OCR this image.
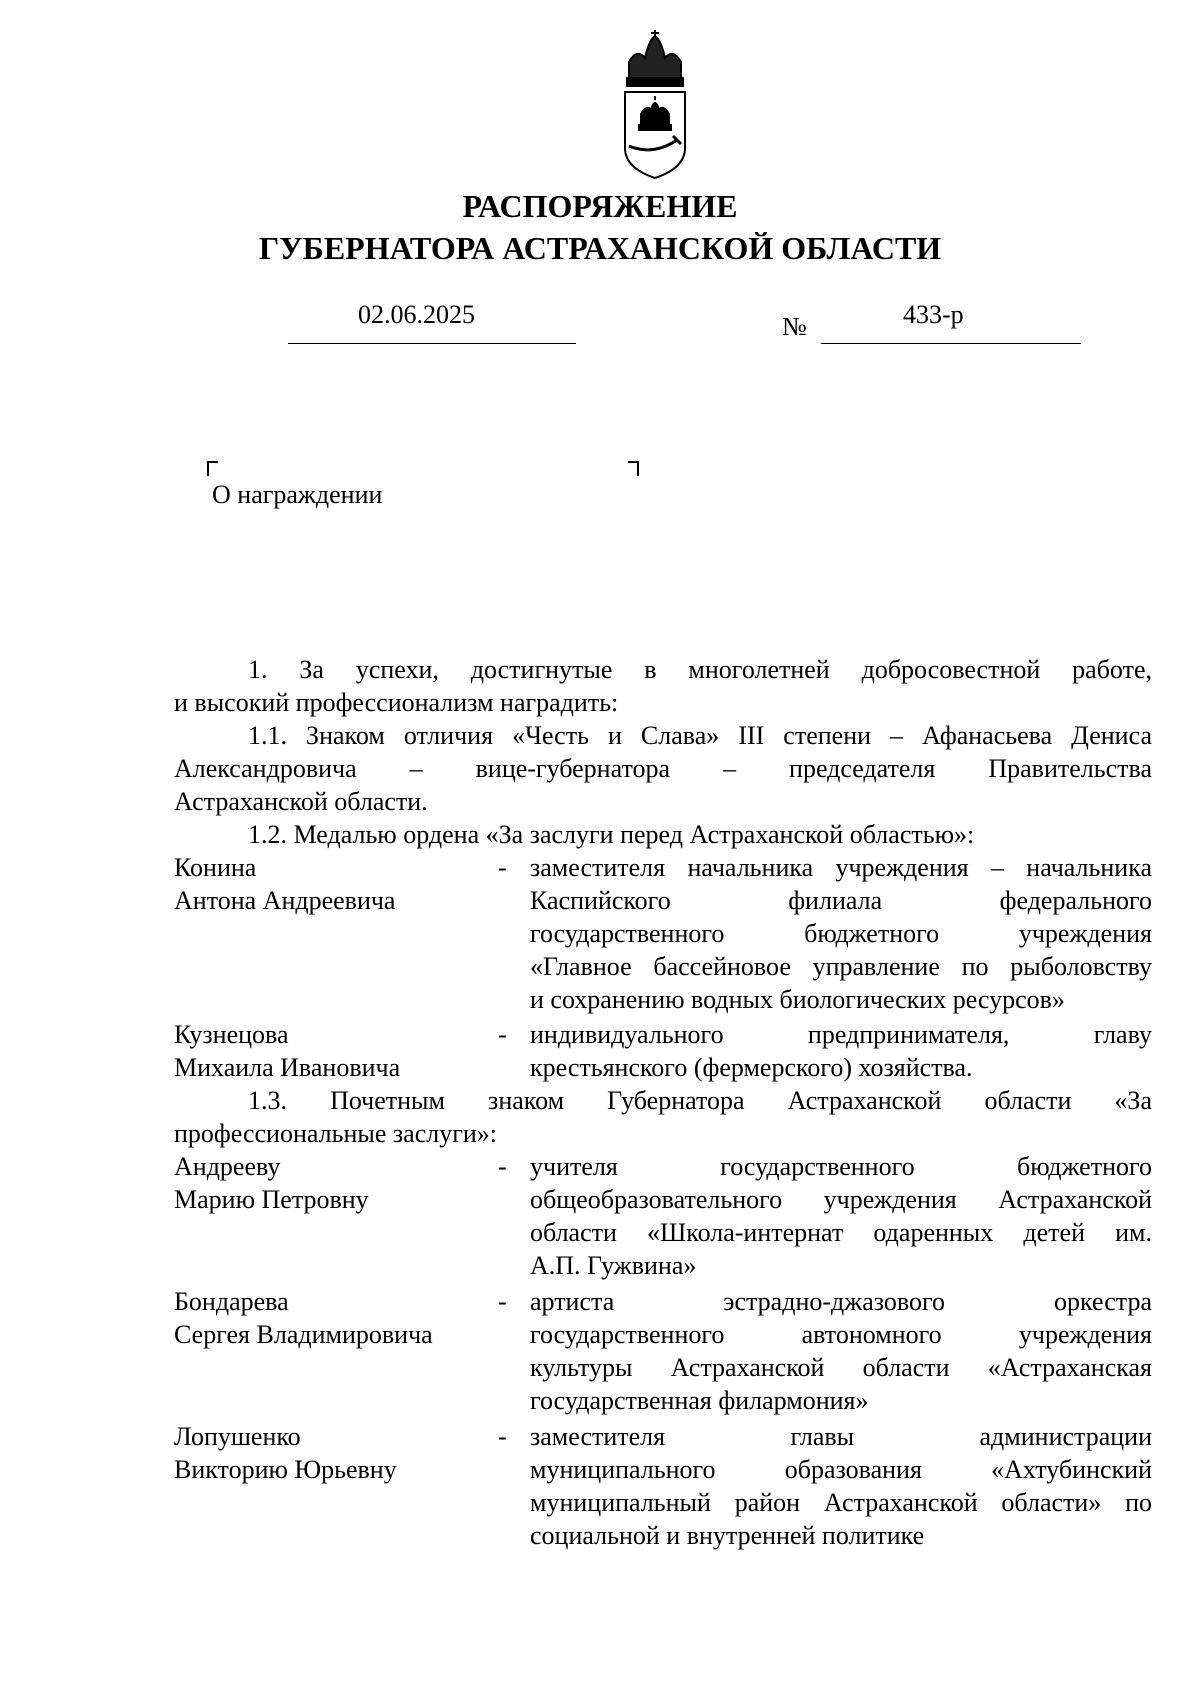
РАСПОРЯЖЕНИЕ
ГУБЕРНАТОРА АСТРАХАНСКОЙ ОБЛАСТИ
02.06.2025	№	433-р
О награждении
1. За успехи, достигнутые в многолетней добросовестной работе,
и высокий профессионализм наградить:
1.1. Знаком отличия «Честь и Слава» III степени – Афанасьева Дениса
Александровича – вице-губернатора – председателя Правительства
Астраханской области.
1.2. Медалью ордена «За заслуги перед Астраханской областью»:
Конина
Антона Андреевича
- заместителя начальника учреждения – начальника
Каспийского филиала федерального
государственного бюджетного учреждения
«Главное бассейновое управление по рыболовству
и сохранению водных биологических ресурсов»
Кузнецова
Михаила Ивановича
- индивидуального предпринимателя, главу
крестьянского (фермерского) хозяйства.
1.3. Почетным знаком Губернатора Астраханской области «За
профессиональные заслуги»:
Андрееву
Марию Петровну
- учителя государственного бюджетного
общеобразовательного учреждения Астраханской
области «Школа-интернат одаренных детей им.
А.П. Гужвина»
Бондарева
Сергея Владимировича
- артиста эстрадно-джазового оркестра
государственного автономного учреждения
культуры Астраханской области «Астраханская
государственная филармония»
Лопушенко
Викторию Юрьевну
- заместителя главы администрации
муниципального образования «Ахтубинский
муниципальный район Астраханской области» по
социальной и внутренней политике
